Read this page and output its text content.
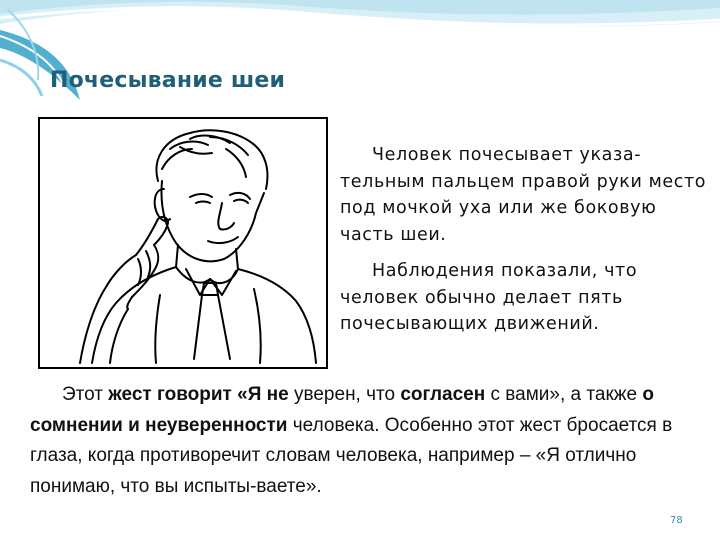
Почесывание шеи

Человек почесывает указа-тельным пальцем правой руки место под мочкой уха или же боковую часть шеи.

Наблюдения показали, что человек обычно делает пять почесывающих движений.

Этот жест говорит «Я не уверен, что согласен с вами», а также о сомнении и неуверенности человека. Особенно этот жест бросается в глаза, когда противоречит словам человека, например – «Я отлично понимаю, что вы испыты-ваете».

78
